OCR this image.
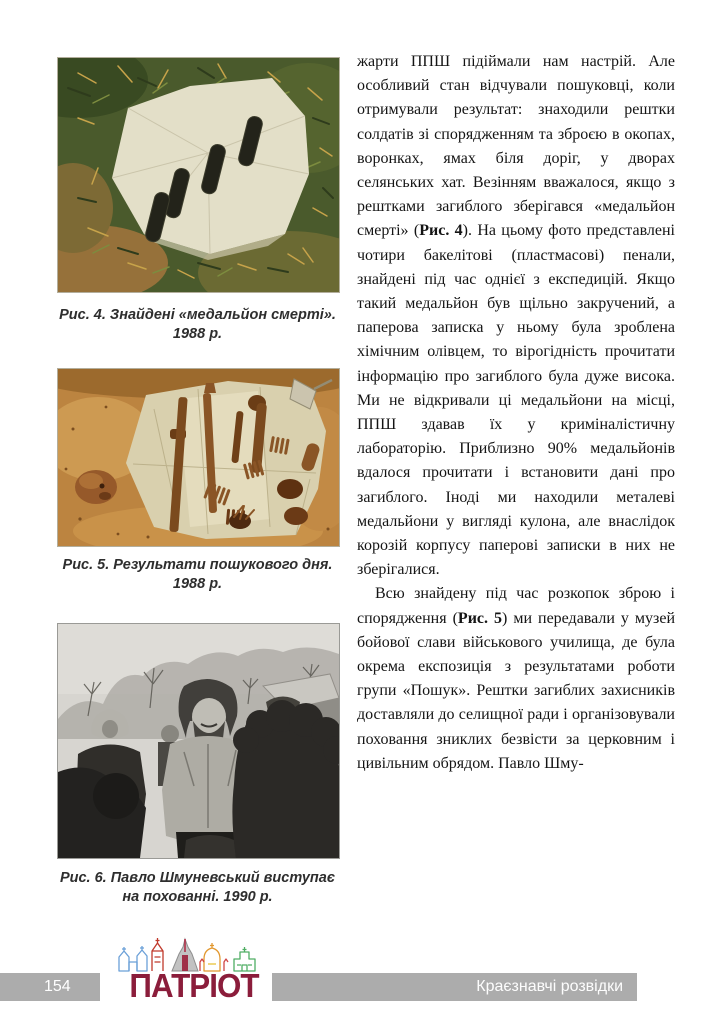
Рис. 4. Знайдені «медальйон смерті».
1988 р.
Рис. 5. Результати пошукового дня.
1988 р.
Рис. 6. Павло Шмуневський виступає
на похованні. 1990 р.

жарти ППШ підіймали нам настрій. Але особливий стан відчували пошуковці, коли отримували результат: знаходили рештки солдатів зі спорядженням та зброєю в окопах, воронках, ямах біля доріг, у дворах селянських хат. Везінням вважалося, якщо з рештками загиблого зберігався «медальйон смерті» (Рис. 4). На цьому фото представлені чотири бакелітові (пластмасові) пенали, знайдені під час однієї з експедицій. Якщо такий медальйон був щільно закручений, а паперова записка у ньому була зроблена хімічним олівцем, то вірогідність прочитати інформацію про загиблого була дуже висока. Ми не відкривали ці медальйони на місці, ППШ здавав їх у криміналістичну лабораторію. Приблизно 90% медальйонів вдалося прочитати і встановити дані про загиблого. Іноді ми находили металеві медальйони у вигляді кулона, але внаслідок корозій корпусу паперові записки в них не зберігалися.

Всю знайдену під час розкопок зброю і спорядження (Рис. 5) ми передавали у музей бойової слави військового училища, де була окрема експозиція з результатами роботи групи «Пошук». Рештки загиблих захисників доставляли до селищної ради і організовували поховання зниклих безвісти за церковним і цивільним обрядом. Павло Шму-

154	Краєзнавчі розвідки
ПАТРІОТ
